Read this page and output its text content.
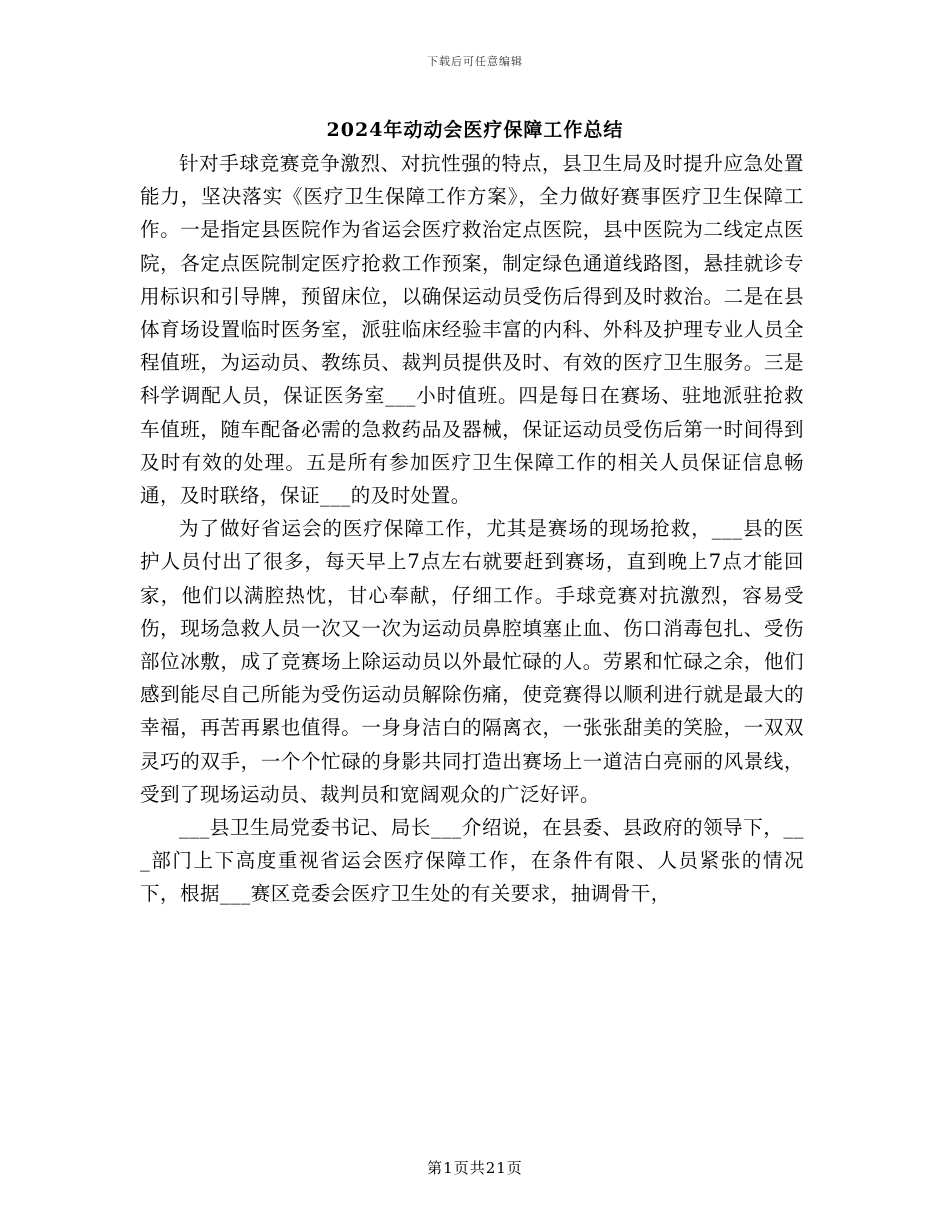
下载后可任意编辑
2024年动动会医疗保障工作总结

针对手球竞赛竞争激烈、对抗性强的特点，县卫生局及时提升应急处置能力，坚决落实《医疗卫生保障工作方案》，全力做好赛事医疗卫生保障工作。一是指定县医院作为省运会医疗救治定点医院，县中医院为二线定点医院，各定点医院制定医疗抢救工作预案，制定绿色通道线路图，悬挂就诊专用标识和引导牌，预留床位，以确保运动员受伤后得到及时救治。二是在县体育场设置临时医务室，派驻临床经验丰富的内科、外科及护理专业人员全程值班，为运动员、教练员、裁判员提供及时、有效的医疗卫生服务。三是科学调配人员，保证医务室___小时值班。四是每日在赛场、驻地派驻抢救车值班，随车配备必需的急救药品及器械，保证运动员受伤后第一时间得到及时有效的处理。五是所有参加医疗卫生保障工作的相关人员保证信息畅通，及时联络，保证___的及时处置。

为了做好省运会的医疗保障工作，尤其是赛场的现场抢救，___县的医护人员付出了很多，每天早上7点左右就要赶到赛场，直到晚上7点才能回家，他们以满腔热忱，甘心奉献，仔细工作。手球竞赛对抗激烈，容易受伤，现场急救人员一次又一次为运动员鼻腔填塞止血、伤口消毒包扎、受伤部位冰敷，成了竞赛场上除运动员以外最忙碌的人。劳累和忙碌之余，他们感到能尽自己所能为受伤运动员解除伤痛，使竞赛得以顺利进行就是最大的幸福，再苦再累也值得。一身身洁白的隔离衣，一张张甜美的笑脸，一双双灵巧的双手，一个个忙碌的身影共同打造出赛场上一道洁白亮丽的风景线，受到了现场运动员、裁判员和宽阔观众的广泛好评。

___县卫生局党委书记、局长___介绍说，在县委、县政府的领导下，___部门上下高度重视省运会医疗保障工作，在条件有限、人员紧张的情况下，根据___赛区竞委会医疗卫生处的有关要求，抽调骨干，

第1页共21页
